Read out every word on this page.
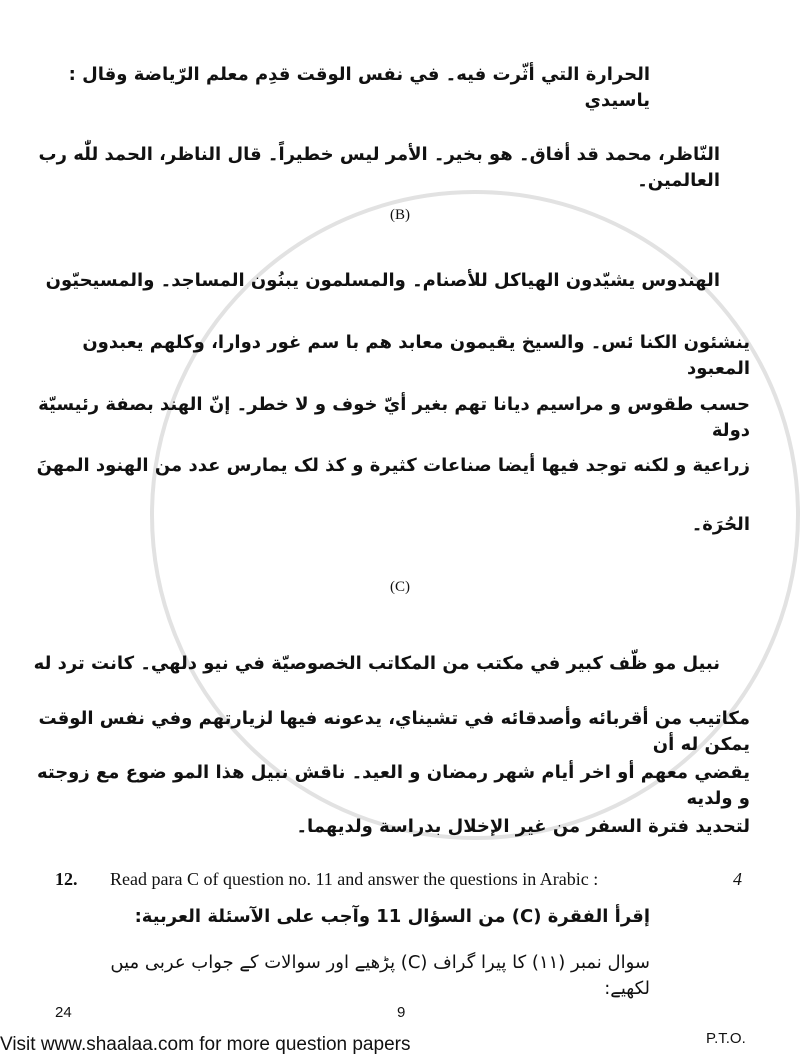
الحرارة التي أثّرت فيه۔ في نفس الوقت قدِم معلم الرّياضة وقال : ياسيدي
النّاظر، محمد قد أفاق۔ هو بخير۔ الأمر ليس خطيراً۔ قال الناظر، الحمد للّٰه رب العالمين۔
(B)
الهندوس يشيّدون الهياكل للأصنام۔ والمسلمون يبنُون المساجد۔ والمسيحيّون
ينشئون الكنا ئس۔ والسيخ يقيمون معابد هم با سم غور دوارا، وكلهم يعبدون المعبود
حسب طقوس و مراسيم ديانا تهم بغير أيّ خوف و لا خطر۔ إنّ الهند بصفة رئيسيّة دولة
زراعية و لكنه توجد فيها أيضا صناعات كثيرة و كذ لک يمارس عدد من الهنود المهنَ
الحُرَة۔
(C)
نبيل مو ظّف كبير في مكتب من المكاتب الخصوصيّة في نيو دلهي۔ كانت ترد له
مكاتيب من أقربائه وأصدقائه في تشيناي، يدعونه فيها لزيارتهم وفي نفس الوقت يمكن له أن
يقضي معهم أو اخر أيام شهر رمضان و العيد۔ ناقش نبيل هذا المو ضوع مع زوجته و ولديه
لتحديد فترة السفر من غير الإخلال بدراسة ولديهما۔
12. Read para C of question no. 11 and answer the questions in Arabic :	4
إقرأ الفقرة (C) من السؤال 11 وآجب على الآسئلة العربية:
سوال نمبر (۱۱) کا پیرا گراف (C) پڑھیے اور سوالات کے جواب عربی میں لکھیے:
24	9
P.T.O.
Visit www.shaalaa.com for more question papers
